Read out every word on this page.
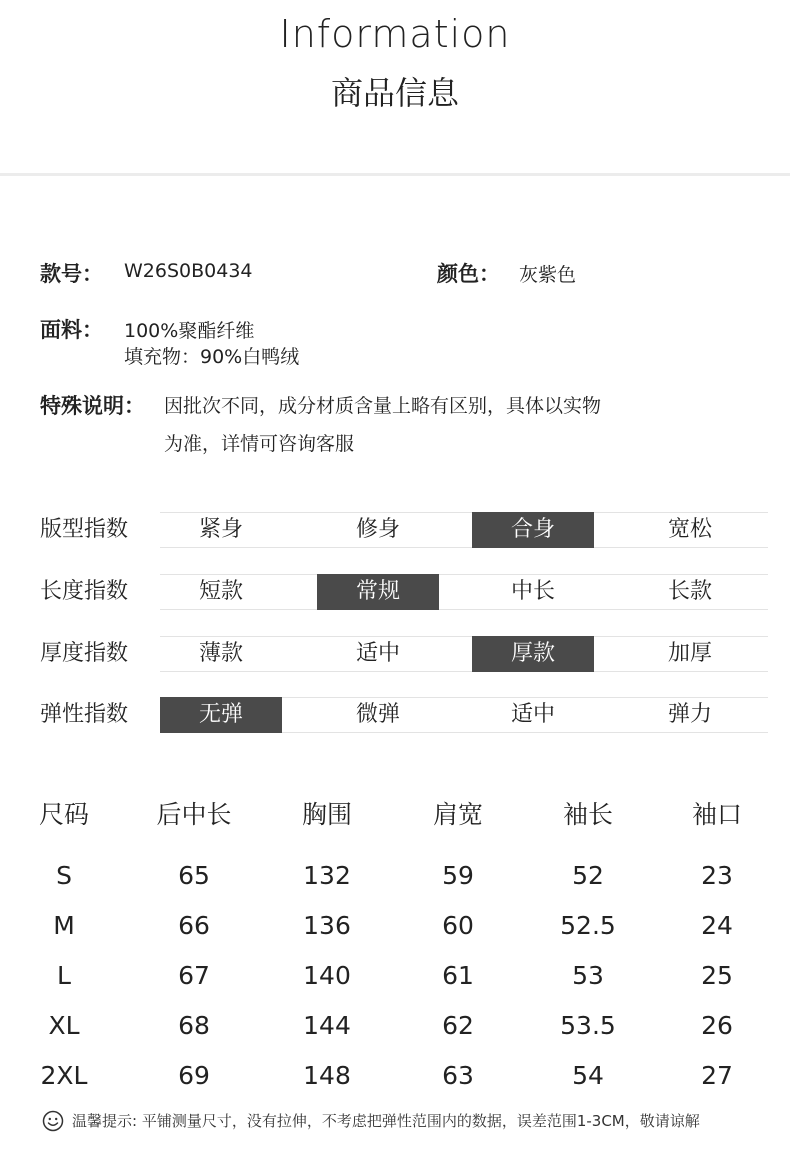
Information
商品信息
款号： W26S0B0434	颜色： 灰紫色
面料： 100%聚酯纤维
填充物：90%白鸭绒
特殊说明： 因批次不同，成分材质含量上略有区别，具体以实物
为准，详情可咨询客服
版型指数	紧身	修身	合身	宽松
长度指数	短款	常规	中长	长款
厚度指数	薄款	适中	厚款	加厚
弹性指数	无弹	微弹	适中	弹力
尺码	后中长	胸围	肩宽	袖长	袖口
S	65	132	59	52	23
M	66	136	60	52.5	24
L	67	140	61	53	25
XL	68	144	62	53.5	26
2XL	69	148	63	54	27
温馨提示: 平铺测量尺寸，没有拉伸，不考虑把弹性范围内的数据，误差范围1-3CM，敬请谅解
